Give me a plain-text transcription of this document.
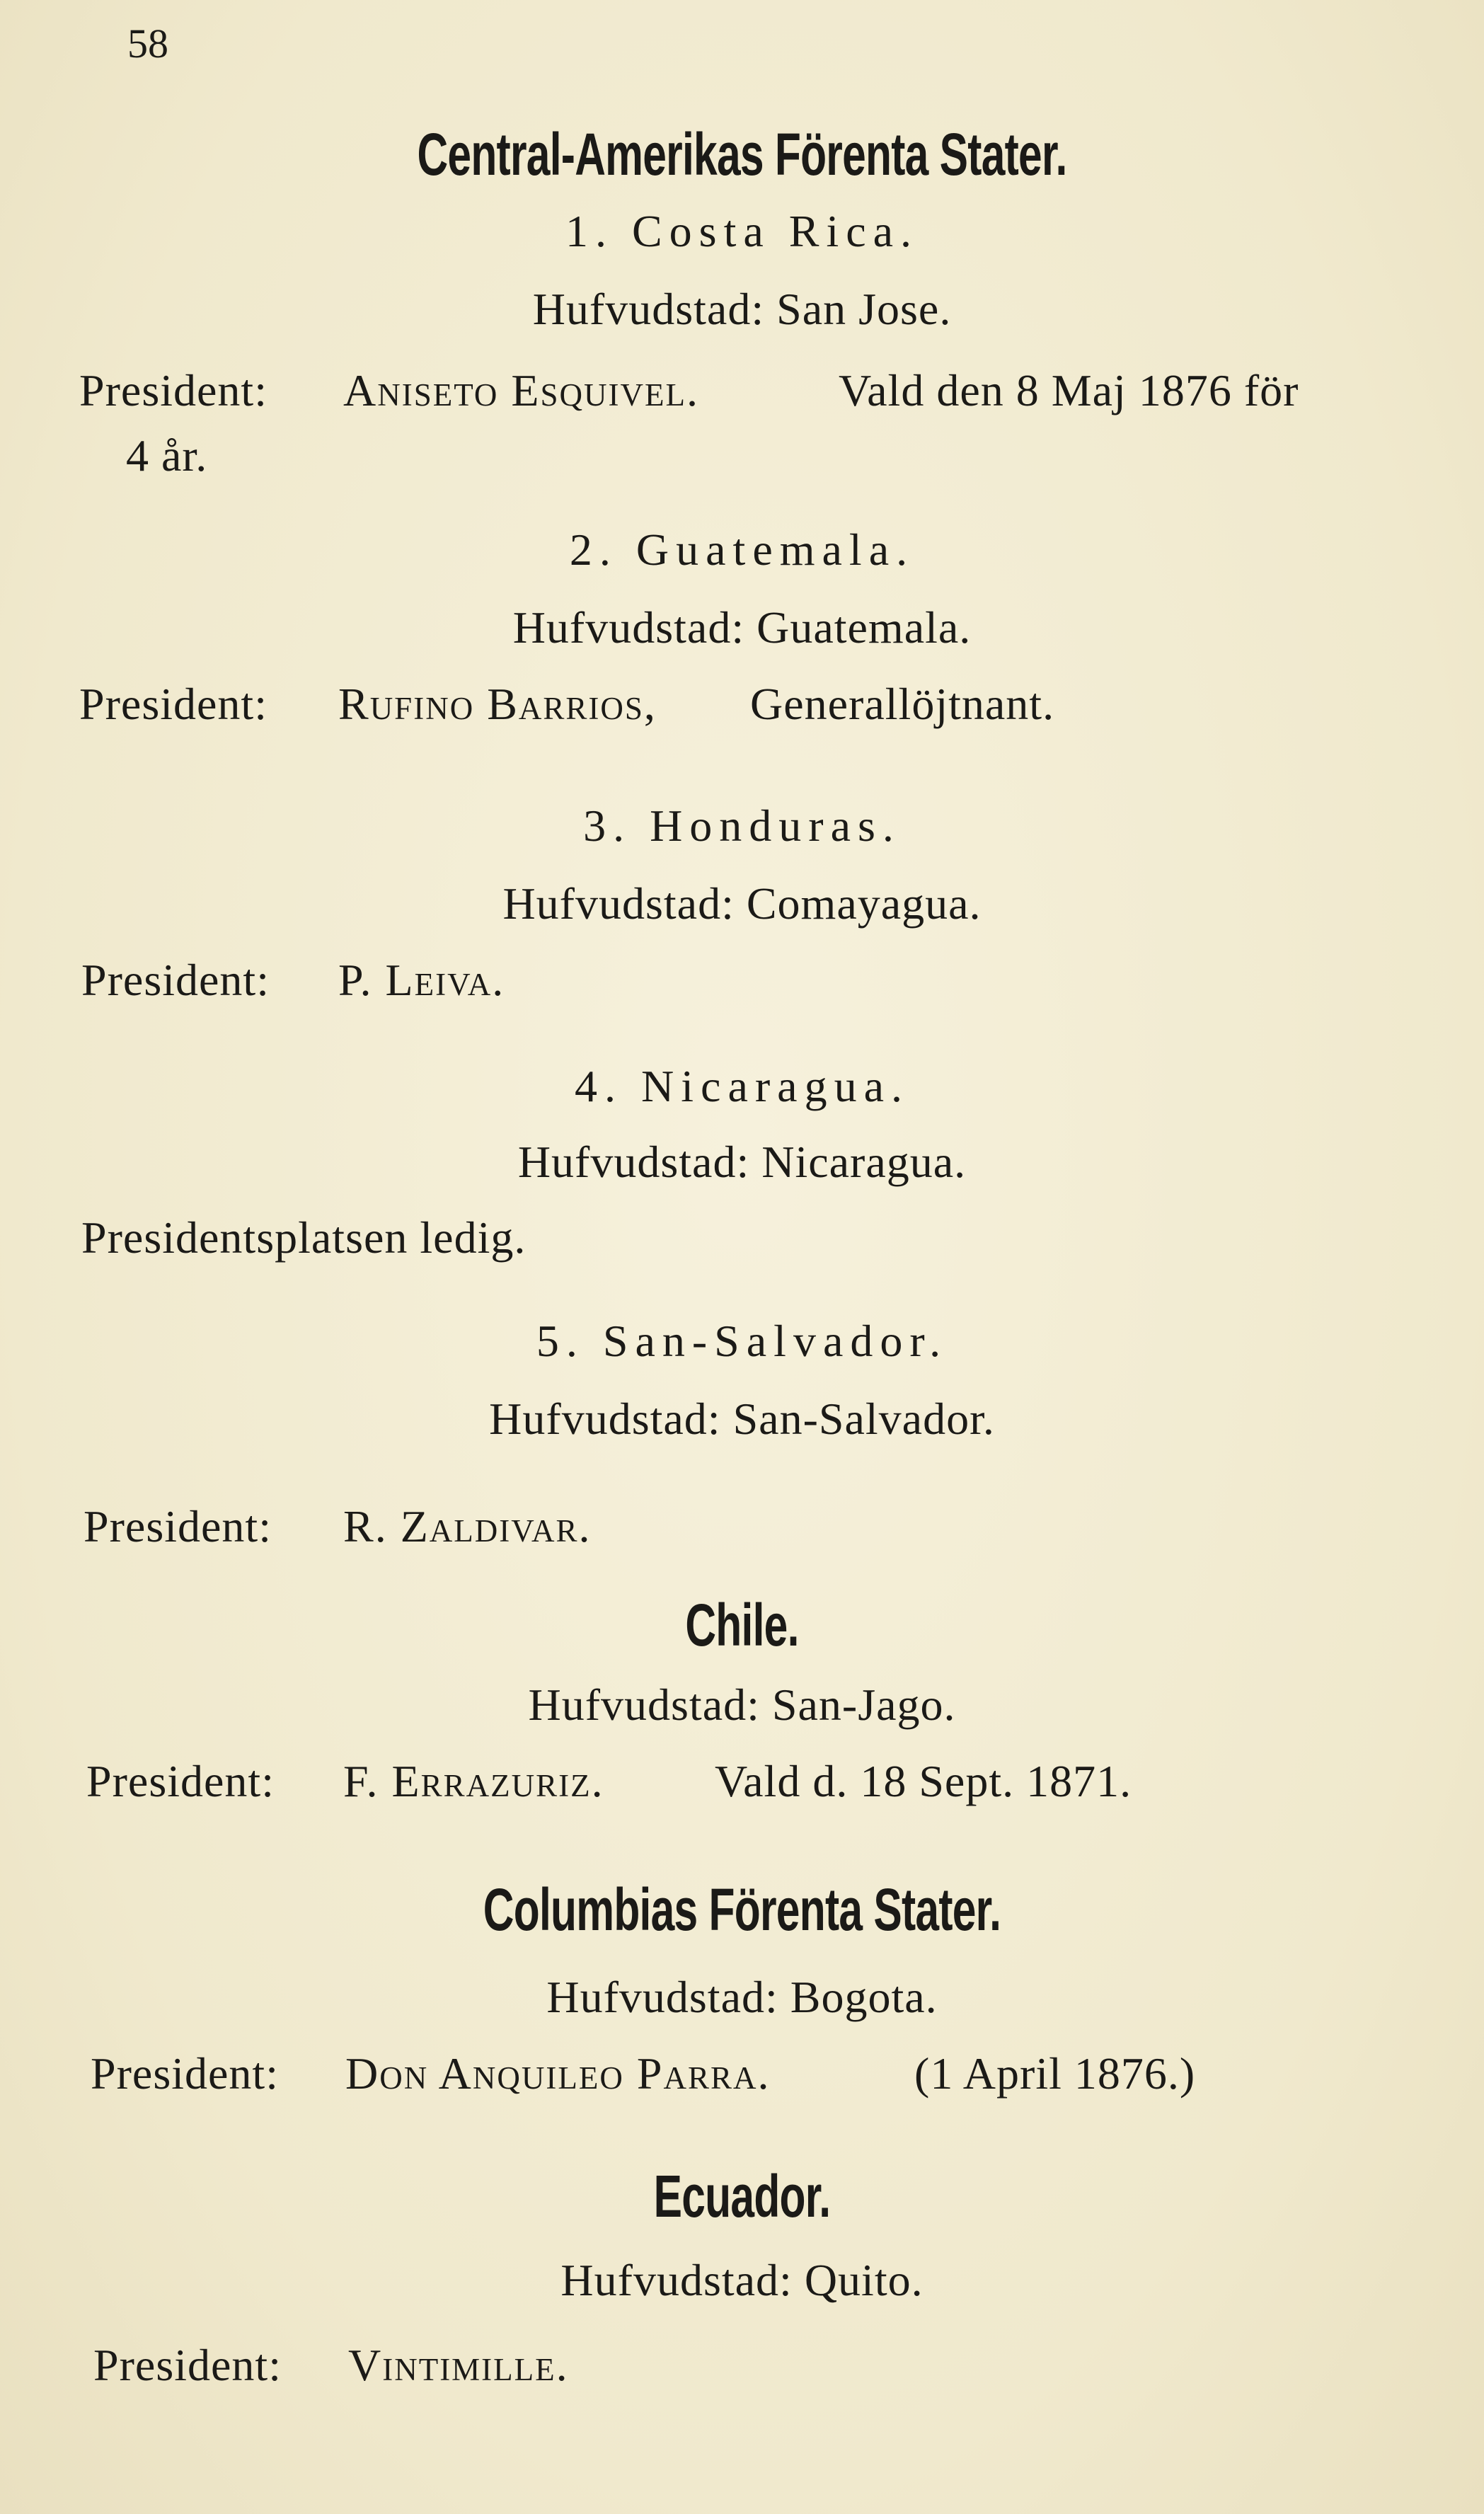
58
Central-Amerikas Förenta Stater.
1. Costa Rica.
Hufvudstad: San Jose.
President: Aniseto Esquivel.	Vald den 8 Maj 1876 för
4 år.
2. Guatemala.
Hufvudstad: Guatemala.
President: Rufino Barrios, Generallöjtnant.
3. Honduras.
Hufvudstad: Comayagua.
President: P. Leiva.
4. Nicaragua.
Hufvudstad: Nicaragua.
Presidentsplatsen ledig.
5. San-Salvador.
Hufvudstad: San-Salvador.
President: R. Zaldivar.
Chile.
Hufvudstad: San-Jago.
President: F. Errazuriz. Vald d. 18 Sept. 1871.
Columbias Förenta Stater.
Hufvudstad: Bogota.
President: Don Anquileo Parra.	(1 April 1876.)
Ecuador.
Hufvudstad: Quito.
President: Vintimille.
